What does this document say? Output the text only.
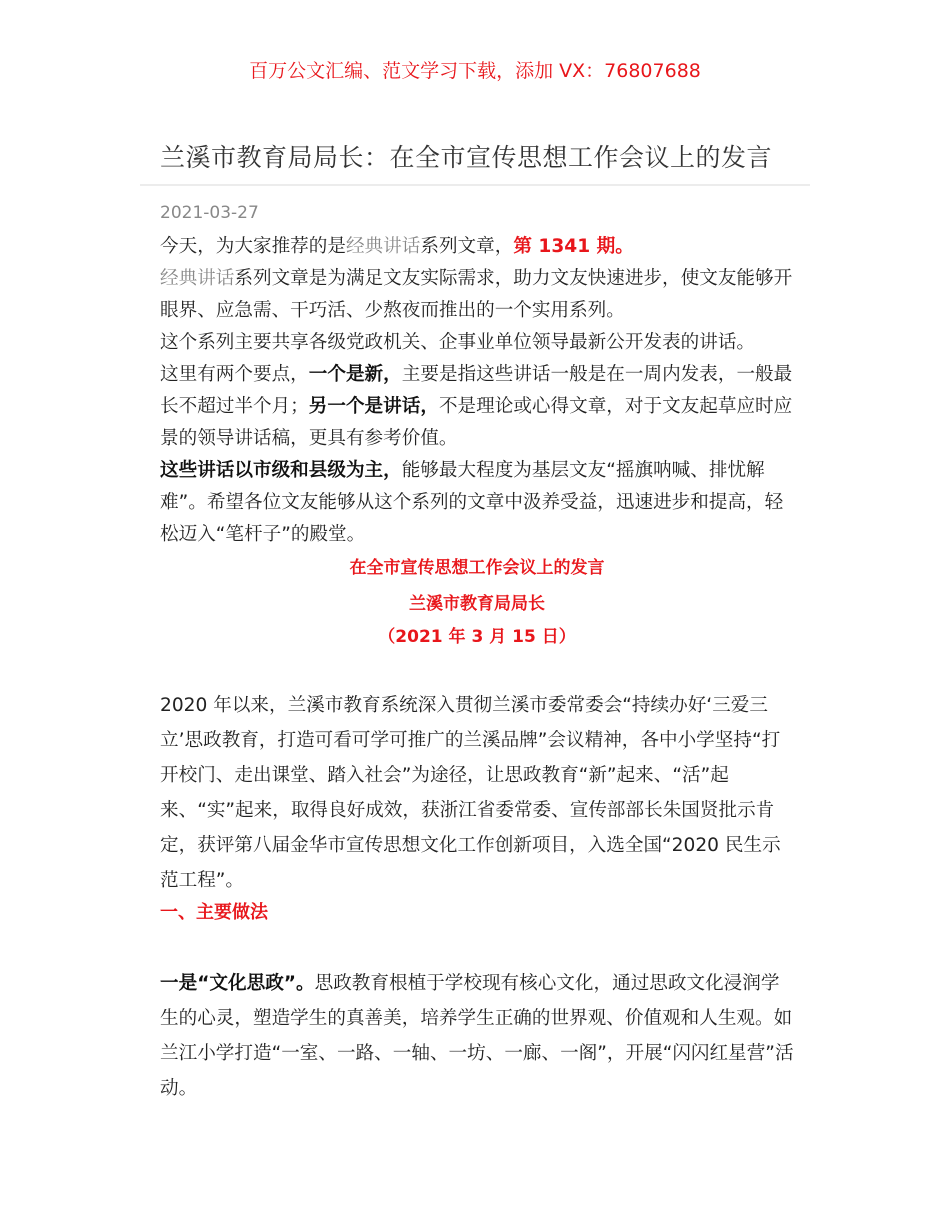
百万公文汇编、范文学习下载，添加 VX：76807688
兰溪市教育局局长：在全市宣传思想工作会议上的发言
2021-03-27

今天，为大家推荐的是经典讲话系列文章，第 1341 期。

经典讲话系列文章是为满足文友实际需求，助力文友快速进步，使文友能够开眼界、应急需、干巧活、少熬夜而推出的一个实用系列。

这个系列主要共享各级党政机关、企事业单位领导最新公开发表的讲话。

这里有两个要点，一个是新，主要是指这些讲话一般是在一周内发表，一般最长不超过半个月；另一个是讲话，不是理论或心得文章，对于文友起草应时应景的领导讲话稿，更具有参考价值。

这些讲话以市级和县级为主，能够最大程度为基层文友“摇旗呐喊、排忧解难”。希望各位文友能够从这个系列的文章中汲养受益，迅速进步和提高，轻松迈入“笔杆子”的殿堂。

在全市宣传思想工作会议上的发言
兰溪市教育局局长
（2021 年 3 月 15 日）
2020 年以来，兰溪市教育系统深入贯彻兰溪市委常委会“持续办好‘三爱三立’思政教育，打造可看可学可推广的兰溪品牌”会议精神，各中小学坚持“打开校门、走出课堂、踏入社会”为途径，让思政教育“新”起来、“活”起来、“实”起来，取得良好成效，获浙江省委常委、宣传部部长朱国贤批示肯定，获评第八届金华市宣传思想文化工作创新项目，入选全国“2020 民生示范工程”。
一、主要做法
一是“文化思政”。思政教育根植于学校现有核心文化，通过思政文化浸润学生的心灵，塑造学生的真善美，培养学生正确的世界观、价值观和人生观。如兰江小学打造“一室、一路、一轴、一坊、一廊、一阁”，开展“闪闪红星营”活动。
